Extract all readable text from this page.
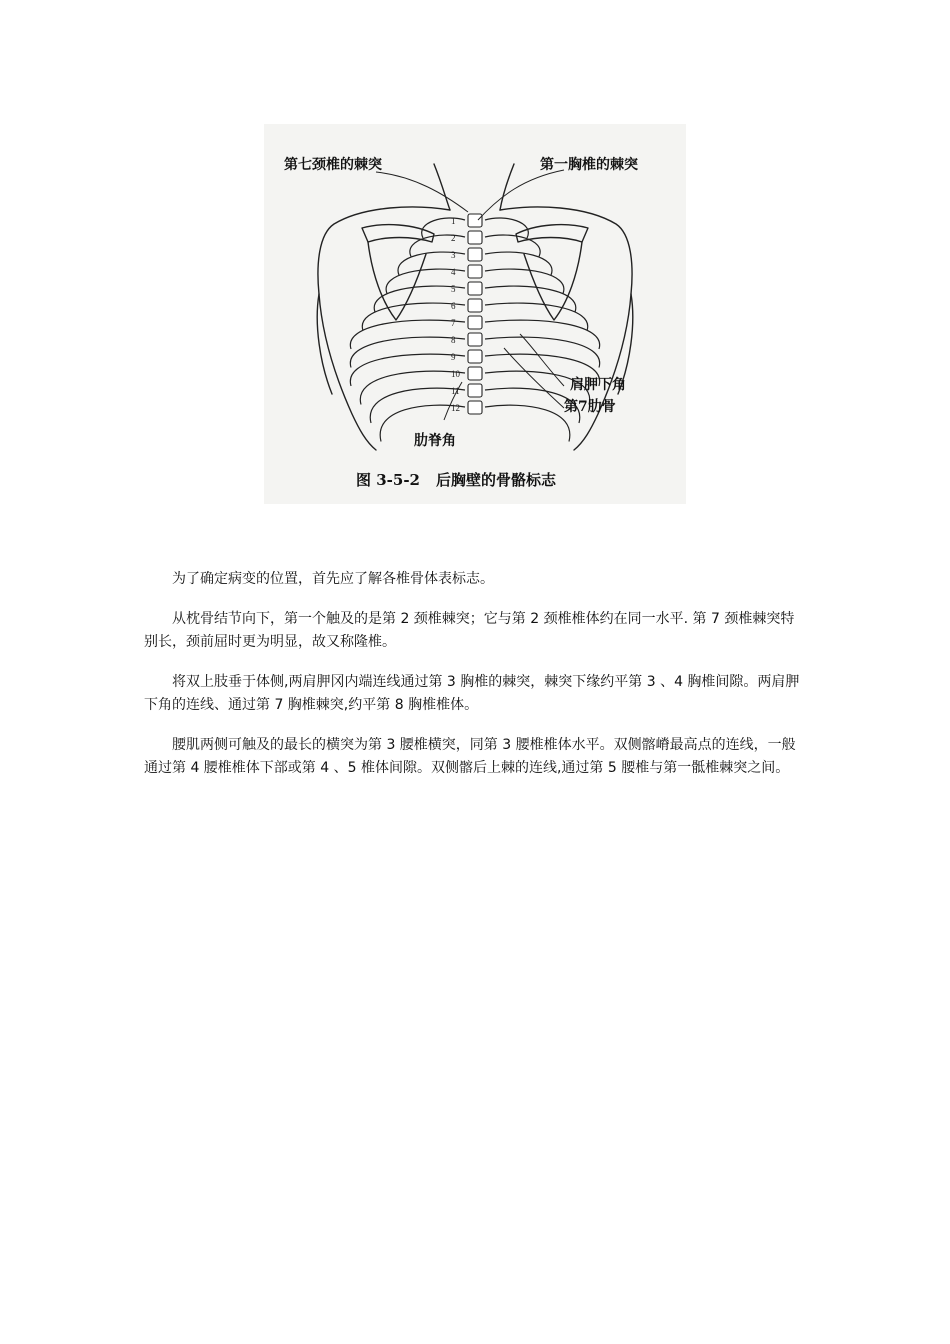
1
2
3
4
5
6
7
8
9
10
11
12
第七颈椎的棘突	第一胸椎的棘突
肩胛下角
第7肋骨
肋脊角
图 3-5-2 后胸壁的骨骼标志

为了确定病变的位置，首先应了解各椎骨体表标志。

从枕骨结节向下，第一个触及的是第 2 颈椎棘突；它与第 2 颈椎椎体约在同一水平. 第 7 颈椎棘突特别长，颈前屈时更为明显，故又称隆椎。

将双上肢垂于体侧,两肩胛冈内端连线通过第 3 胸椎的棘突，棘突下缘约平第 3 、4 胸椎间隙。两肩胛下角的连线、通过第 7 胸椎棘突,约平第 8 胸椎椎体。

腰肌两侧可触及的最长的横突为第 3 腰椎横突，同第 3 腰椎椎体水平。双侧髂嵴最高点的连线，一般通过第 4 腰椎椎体下部或第 4 、5 椎体间隙。双侧髂后上棘的连线,通过第 5 腰椎与第一骶椎棘突之间。
